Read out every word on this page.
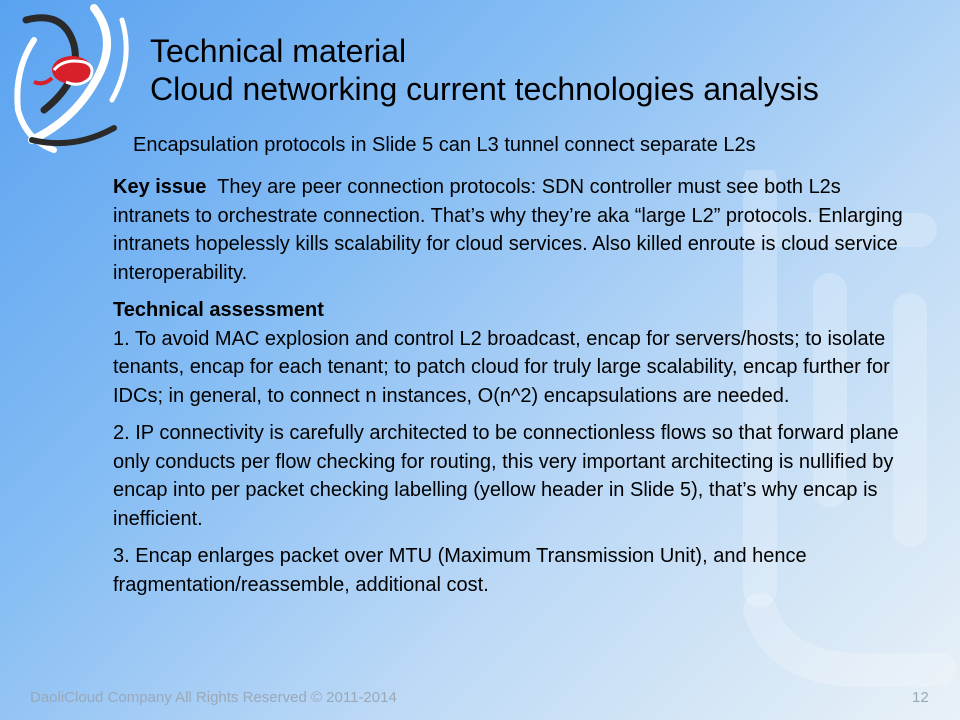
Technical material
Cloud networking current technologies analysis
Encapsulation protocols in Slide 5 can L3 tunnel connect separate L2s

Key issue They are peer connection protocols: SDN controller must see both L2s intranets to orchestrate connection. That’s why they’re aka “large L2” protocols. Enlarging intranets hopelessly kills scalability for cloud services. Also killed enroute is cloud service interoperability.

Technical assessment
1. To avoid MAC explosion and control L2 broadcast, encap for servers/hosts; to isolate tenants, encap for each tenant; to patch cloud for truly large scalability, encap further for IDCs; in general, to connect n instances, O(n^2) encapsulations are needed.

2. IP connectivity is carefully architected to be connectionless flows so that forward plane only conducts per flow checking for routing, this very important architecting is nullified by encap into per packet checking labelling (yellow header in Slide 5), that’s why encap is inefficient.

3. Encap enlarges packet over MTU (Maximum Transmission Unit), and hence fragmentation/reassemble, additional cost.

DaoliCloud Company All Rights Reserved © 2011-2014	12
